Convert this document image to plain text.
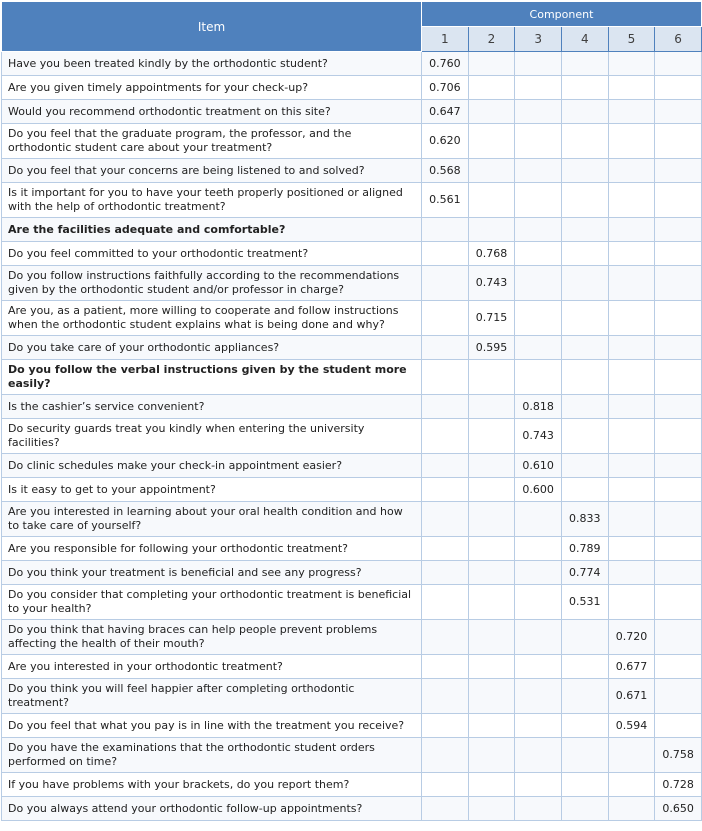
Item	Component					
	1	2	3	4	5	6
Have you been treated kindly by the orthodontic student?	0.760					
Are you given timely appointments for your check-up?	0.706					
Would you recommend orthodontic treatment on this site?	0.647					
Do you feel that the graduate program, the professor, and the orthodontic student care about your treatment?	0.620					
Do you feel that your concerns are being listened to and solved?	0.568					
Is it important for you to have your teeth properly positioned or aligned with the help of orthodontic treatment?	0.561					
Are the facilities adequate and comfortable?						
Do you feel committed to your orthodontic treatment?		0.768				
Do you follow instructions faithfully according to the recommendations given by the orthodontic student and/or professor in charge?		0.743				
Are you, as a patient, more willing to cooperate and follow instructions when the orthodontic student explains what is being done and why?		0.715				
Do you take care of your orthodontic appliances?		0.595				
Do you follow the verbal instructions given by the student more easily?						
Is the cashier’s service convenient?			0.818			
Do security guards treat you kindly when entering the university facilities?			0.743			
Do clinic schedules make your check-in appointment easier?			0.610			
Is it easy to get to your appointment?			0.600			
Are you interested in learning about your oral health condition and how to take care of yourself?				0.833		
Are you responsible for following your orthodontic treatment?				0.789		
Do you think your treatment is beneficial and see any progress?				0.774		
Do you consider that completing your orthodontic treatment is beneficial to your health?				0.531		
Do you think that having braces can help people prevent problems affecting the health of their mouth?					0.720	
Are you interested in your orthodontic treatment?					0.677	
Do you think you will feel happier after completing orthodontic treatment?					0.671	
Do you feel that what you pay is in line with the treatment you receive?					0.594	
Do you have the examinations that the orthodontic student orders performed on time?						0.758
If you have problems with your brackets, do you report them?						0.728
Do you always attend your orthodontic follow-up appointments?						0.650
